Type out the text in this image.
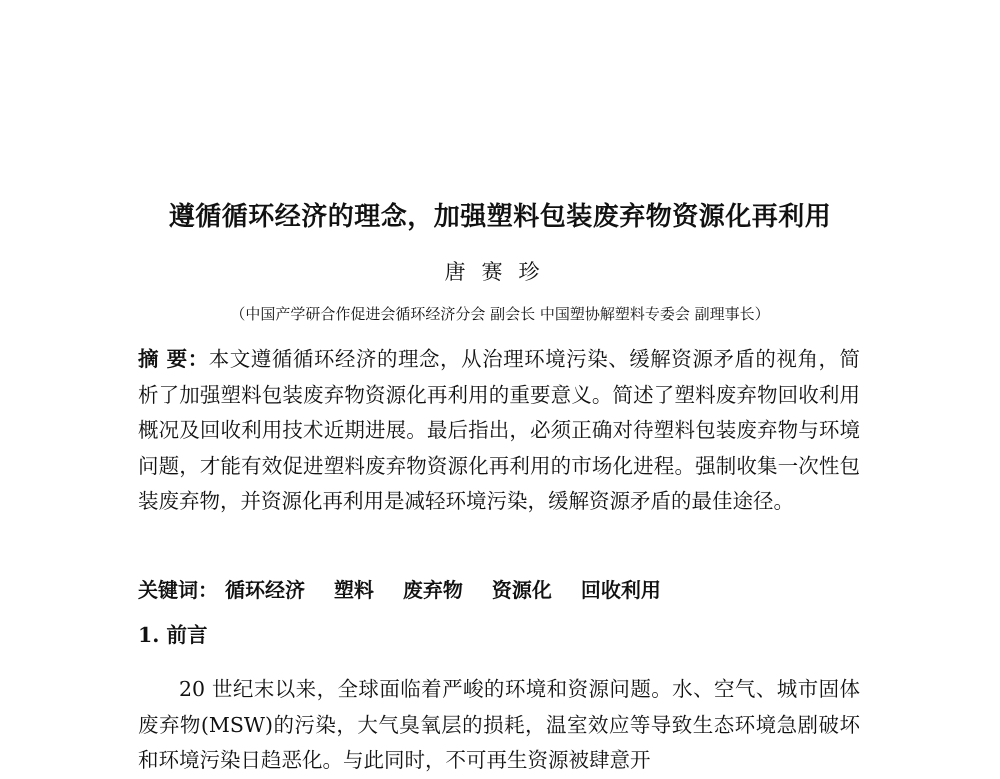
遵循循环经济的理念，加强塑料包装废弃物资源化再利用
唐赛珍
（中国产学研合作促进会循环经济分会 副会长 中国塑协解塑料专委会 副理事长）
摘 要：本文遵循循环经济的理念，从治理环境污染、缓解资源矛盾的视角，简析了加强塑料包装废弃物资源化再利用的重要意义。简述了塑料废弃物回收利用概况及回收利用技术近期进展。最后指出，必须正确对待塑料包装废弃物与环境问题，才能有效促进塑料废弃物资源化再利用的市场化进程。强制收集一次性包装废弃物，并资源化再利用是减轻环境污染，缓解资源矛盾的最佳途径。
关键词： 循环经济 塑料 废弃物 资源化 回收利用
1. 前言
20 世纪末以来，全球面临着严峻的环境和资源问题。水、空气、城市固体废弃物(MSW)的污染，大气臭氧层的损耗，温室效应等导致生态环境急剧破坏和环境污染日趋恶化。与此同时，不可再生资源被肆意开
